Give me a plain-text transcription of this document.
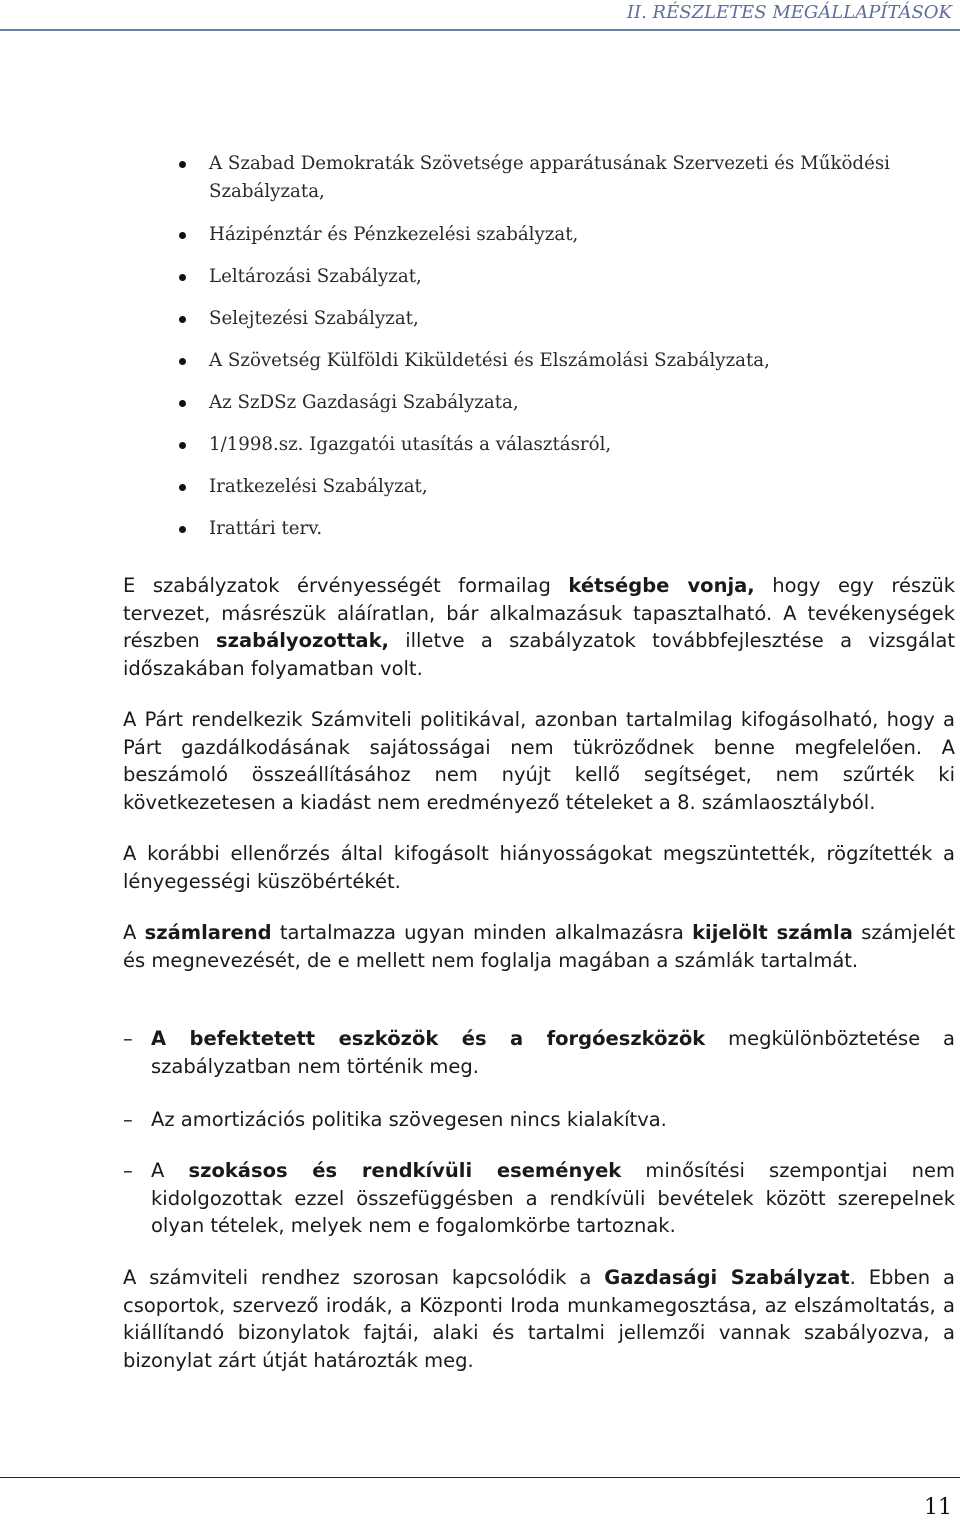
II. RÉSZLETES MEGÁLLAPÍTÁSOK
A Szabad Demokraták Szövetsége apparátusának Szervezeti és Működési Szabályzata,
Házipénztár és Pénzkezelési szabályzat,
Leltározási Szabályzat,
Selejtezési Szabályzat,
A Szövetség Külföldi Kiküldetési és Elszámolási Szabályzata,
Az SzDSz Gazdasági Szabályzata,
1/1998.sz. Igazgatói utasítás a választásról,
Iratkezelési Szabályzat,
Irattári terv.

E szabályzatok érvényességét formailag kétségbe vonja, hogy egy részük tervezet, másrészük aláíratlan, bár alkalmazásuk tapasztalható. A tevékenységek részben szabályozottak, illetve a szabályzatok továbbfejlesztése a vizsgálat időszakában folyamatban volt.

A Párt rendelkezik Számviteli politikával, azonban tartalmilag kifogásolható, hogy a Párt gazdálkodásának sajátosságai nem tükröződnek benne megfelelően. A beszámoló összeállításához nem nyújt kellő segítséget, nem szűrték ki következetesen a kiadást nem eredményező tételeket a 8. számlaosztályból.

A korábbi ellenőrzés által kifogásolt hiányosságokat megszüntették, rögzítették a lényegességi küszöbértékét.

A számlarend tartalmazza ugyan minden alkalmazásra kijelölt számla számjelét és megnevezését, de e mellett nem foglalja magában a számlák tartalmát.

– A befektetett eszközök és a forgóeszközök megkülönböztetése a szabályzatban nem történik meg.
– Az amortizációs politika szövegesen nincs kialakítva.
– A szokásos és rendkívüli események minősítési szempontjai nem kidolgozottak ezzel összefüggésben a rendkívüli bevételek között szerepelnek olyan tételek, melyek nem e fogalomkörbe tartoznak.

A számviteli rendhez szorosan kapcsolódik a Gazdasági Szabályzat. Ebben a csoportok, szervező irodák, a Központi Iroda munkamegosztása, az elszámoltatás, a kiállítandó bizonylatok fajtái, alaki és tartalmi jellemzői vannak szabályozva, a bizonylat zárt útját határozták meg.

11
